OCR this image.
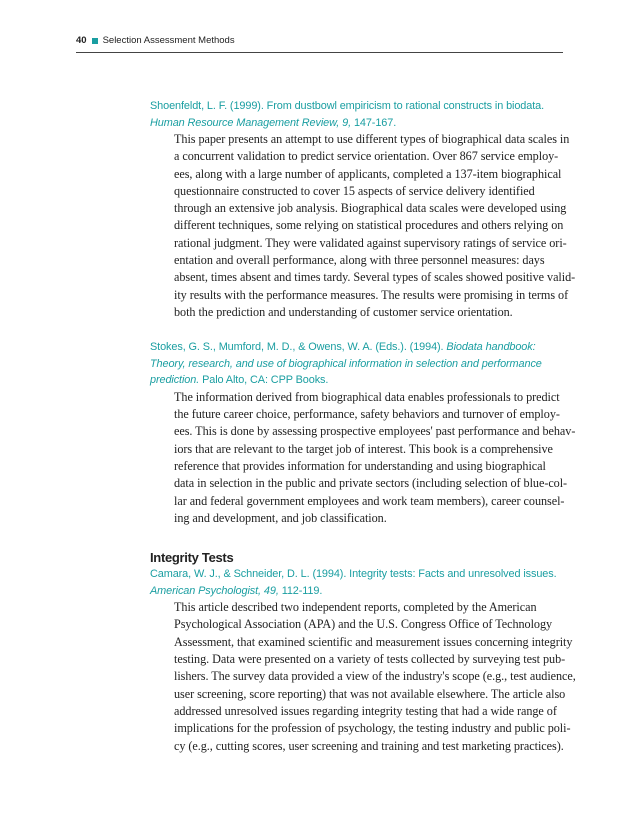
40 Selection Assessment Methods
Shoenfeldt, L. F. (1999). From dustbowl empiricism to rational constructs in biodata.
Human Resource Management Review, 9, 147-167.
This paper presents an attempt to use different types of biographical data scales in
a concurrent validation to predict service orientation. Over 867 service employ-
ees, along with a large number of applicants, completed a 137-item biographical
questionnaire constructed to cover 15 aspects of service delivery identified
through an extensive job analysis. Biographical data scales were developed using
different techniques, some relying on statistical procedures and others relying on
rational judgment. They were validated against supervisory ratings of service ori-
entation and overall performance, along with three personnel measures: days
absent, times absent and times tardy. Several types of scales showed positive valid-
ity results with the performance measures. The results were promising in terms of
both the prediction and understanding of customer service orientation.
Stokes, G. S., Mumford, M. D., & Owens, W. A. (Eds.). (1994). Biodata handbook:
Theory, research, and use of biographical information in selection and performance
prediction. Palo Alto, CA: CPP Books.
The information derived from biographical data enables professionals to predict
the future career choice, performance, safety behaviors and turnover of employ-
ees. This is done by assessing prospective employees' past performance and behav-
iors that are relevant to the target job of interest. This book is a comprehensive
reference that provides information for understanding and using biographical
data in selection in the public and private sectors (including selection of blue-col-
lar and federal government employees and work team members), career counsel-
ing and development, and job classification.
Integrity Tests
Camara, W. J., & Schneider, D. L. (1994). Integrity tests: Facts and unresolved issues.
American Psychologist, 49, 112-119.
This article described two independent reports, completed by the American
Psychological Association (APA) and the U.S. Congress Office of Technology
Assessment, that examined scientific and measurement issues concerning integrity
testing. Data were presented on a variety of tests collected by surveying test pub-
lishers. The survey data provided a view of the industry's scope (e.g., test audience,
user screening, score reporting) that was not available elsewhere. The article also
addressed unresolved issues regarding integrity testing that had a wide range of
implications for the profession of psychology, the testing industry and public poli-
cy (e.g., cutting scores, user screening and training and test marketing practices).
